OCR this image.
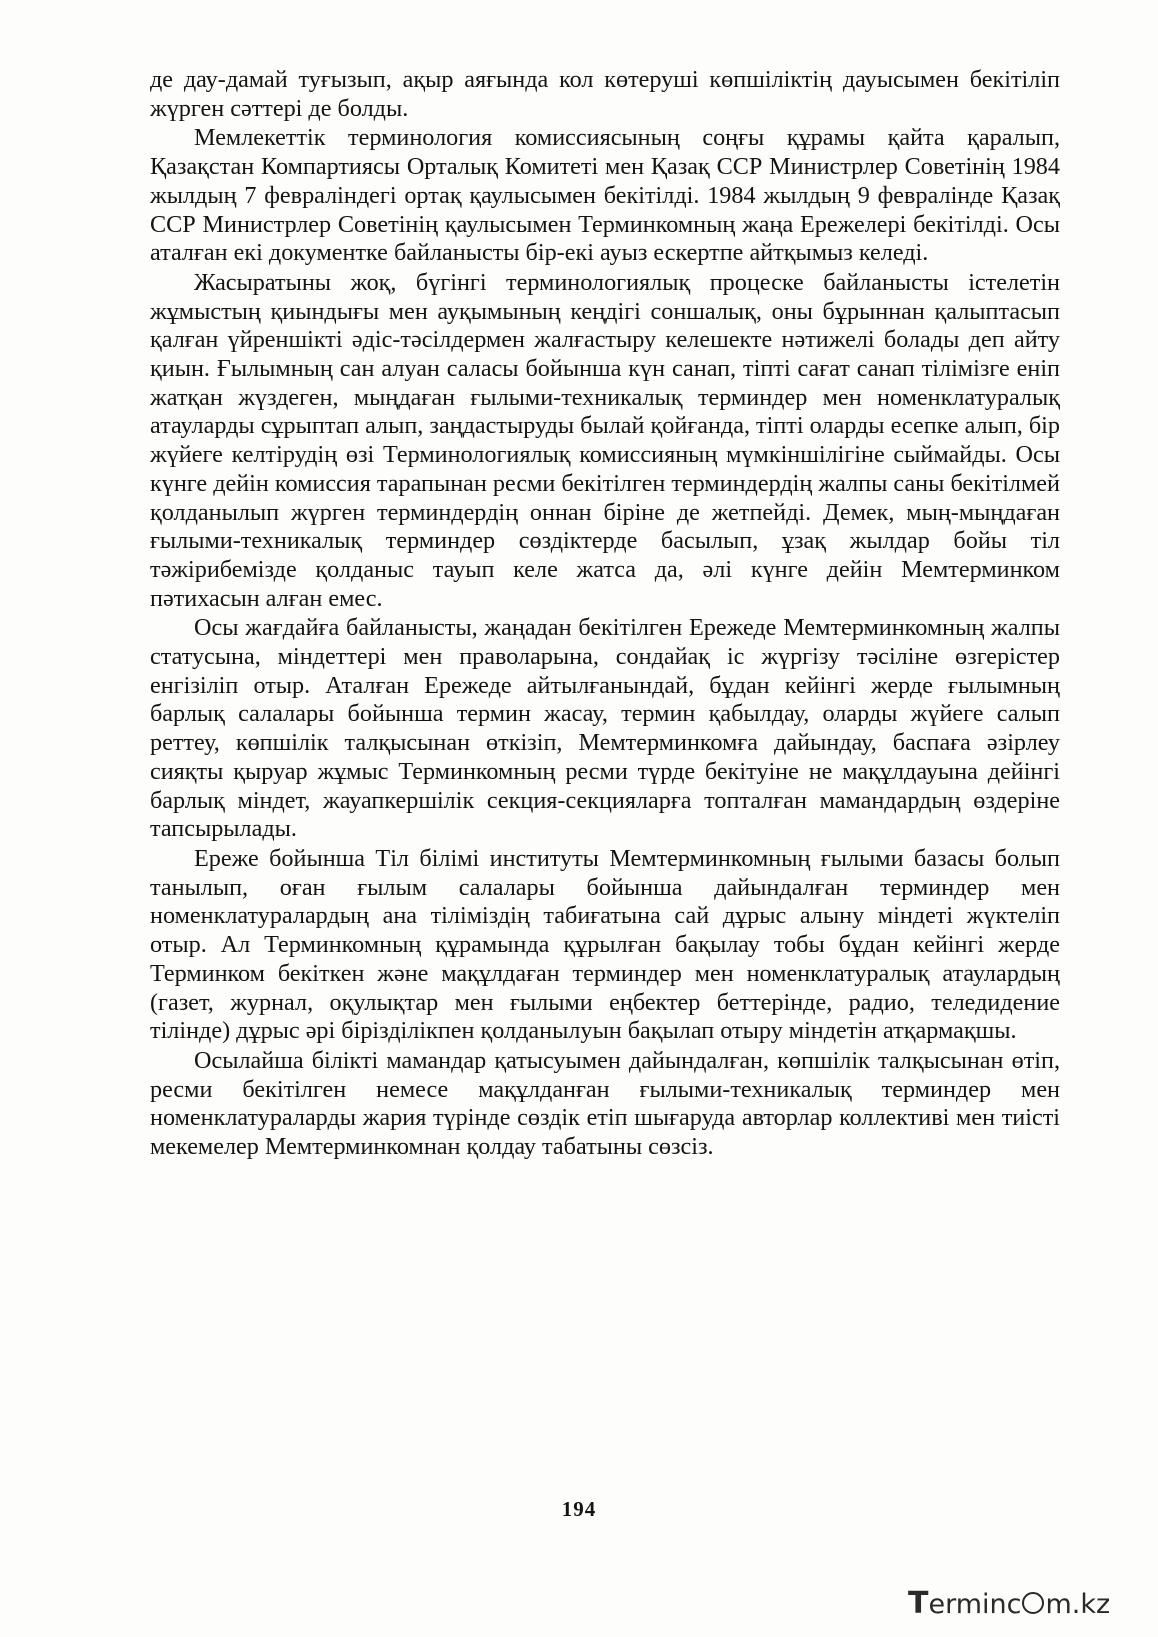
де дау-дамай туғызып, ақыр аяғында кол көтеруші көпшіліктің дауысымен бекітіліп жүрген сәттері де болды.

Мемлекеттік терминология комиссиясының соңғы құрамы қайта қаралып, Қазақстан Компартиясы Орталық Комитеті мен Қазақ ССР Министрлер Советінің 1984 жылдың 7 февраліндегі ортақ қаулысымен бекітілді. 1984 жылдың 9 февралінде Қазақ ССР Министрлер Советінің қаулысымен Терминкомның жаңа Ережелері бекітілді. Осы аталған екі документке байланысты бір-екі ауыз ескертпе айтқымыз келеді.

Жасыратыны жоқ, бүгінгі терминологиялық процеске байланысты істелетін жұмыстың қиындығы мен ауқымының кеңдігі соншалық, оны бұрыннан қалыптасып қалған үйреншікті әдіс-тәсілдермен жалғастыру келешекте нәтижелі болады деп айту қиын. Ғылымның сан алуан саласы бойынша күн санап, тіпті сағат санап тілімізге еніп жатқан жүздеген, мыңдаған ғылыми-техникалық терминдер мен номенклатуралық атауларды сұрыптап алып, заңдастыруды былай қойғанда, тіпті оларды есепке алып, бір жүйеге келтірудің өзі Терминологиялық комиссияның мүмкіншілігіне сыймайды. Осы күнге дейін комиссия тарапынан ресми бекітілген терминдердің жалпы саны бекітілмей қолданылып жүрген терминдердің оннан біріне де жетпейді. Демек, мың-мыңдаған ғылыми-техникалық терминдер сөздіктерде басылып, ұзақ жылдар бойы тіл тәжірибемізде қолданыс тауып келе жатса да, әлі күнге дейін Мемтерминком пәтихасын алған емес.

Осы жағдайға байланысты, жаңадан бекітілген Ережеде Мемтерминкомның жалпы статусына, міндеттері мен праволарына, сондайақ іс жүргізу тәсіліне өзгерістер енгізіліп отыр. Аталған Ережеде айтылғанындай, бұдан кейінгі жерде ғылымның барлық салалары бойынша термин жасау, термин қабылдау, оларды жүйеге салып реттеу, көпшілік талқысынан өткізіп, Мемтерминкомға дайындау, баспаға әзірлеу сияқты қыруар жұмыс Терминкомның ресми түрде бекітуіне не мақұлдауына дейінгі барлық міндет, жауапкершілік секция-секцияларға топталған мамандардың өздеріне тапсырылады.

Ереже бойынша Тіл білімі институты Мемтерминкомның ғылыми базасы болып танылып, оған ғылым салалары бойынша дайындалған терминдер мен номенклатуралардың ана тіліміздің табиғатына сай дұрыс алыну міндеті жүктеліп отыр. Ал Терминкомның құрамында құрылған бақылау тобы бұдан кейінгі жерде Терминком бекіткен және мақұлдаған терминдер мен номенклатуралық атаулардың (газет, журнал, оқулықтар мен ғылыми еңбектер беттерінде, радио, теледидение тілінде) дұрыс әрі бірізділікпен қолданылуын бақылап отыру міндетін атқармақшы.

Осылайша білікті мамандар қатысуымен дайындалған, көпшілік талқысынан өтіп, ресми бекітілген немесе мақұлданған ғылыми-техникалық терминдер мен номенклатураларды жария түрінде сөздік етіп шығаруда авторлар коллективі мен тиісті мекемелер Мемтерминкомнан қолдау табатыны сөзсіз.

194
Terminc m.kz
